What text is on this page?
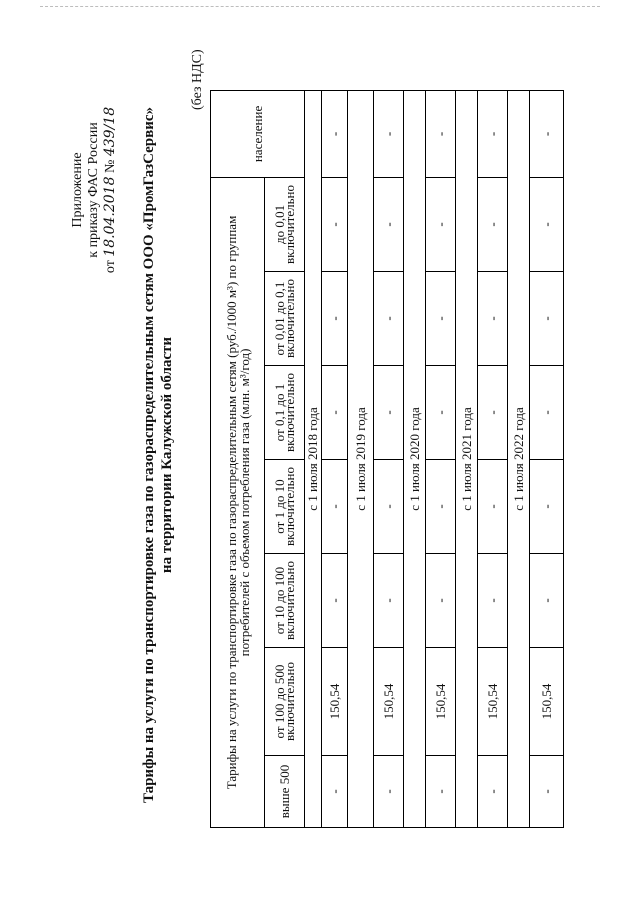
Приложение к приказу ФАС России
от 18.04.2018 № 439/18 Тарифы на услуги по транспортировке газа по газораспределительным сетям ООО «ПромГазСервис» на территории Калужской области
(без НДС)
Тарифы на услуги по транспортировке газа по газораспределительным сетям (руб./1000 м³) по группам потребителей с объемом потребления газа (млн. м³/год)							население
выше 500	от 100 до 500 включительно	от 10 до 100 включительно	от 1 до 10 включительно	от 0,1 до 1 включительно	от 0,01 до 0,1 включительно	до 0,01 включительно	
с 1 июля 2018 года							
-	150,54	-	-	-	-	-	-
с 1 июля 2019 года							
-	150,54	-	-	-	-	-	-
с 1 июля 2020 года							
-	150,54	-	-	-	-	-	-
с 1 июля 2021 года							
-	150,54	-	-	-	-	-	-
с 1 июля 2022 года							
-	150,54	-	-	-	-	-	-
